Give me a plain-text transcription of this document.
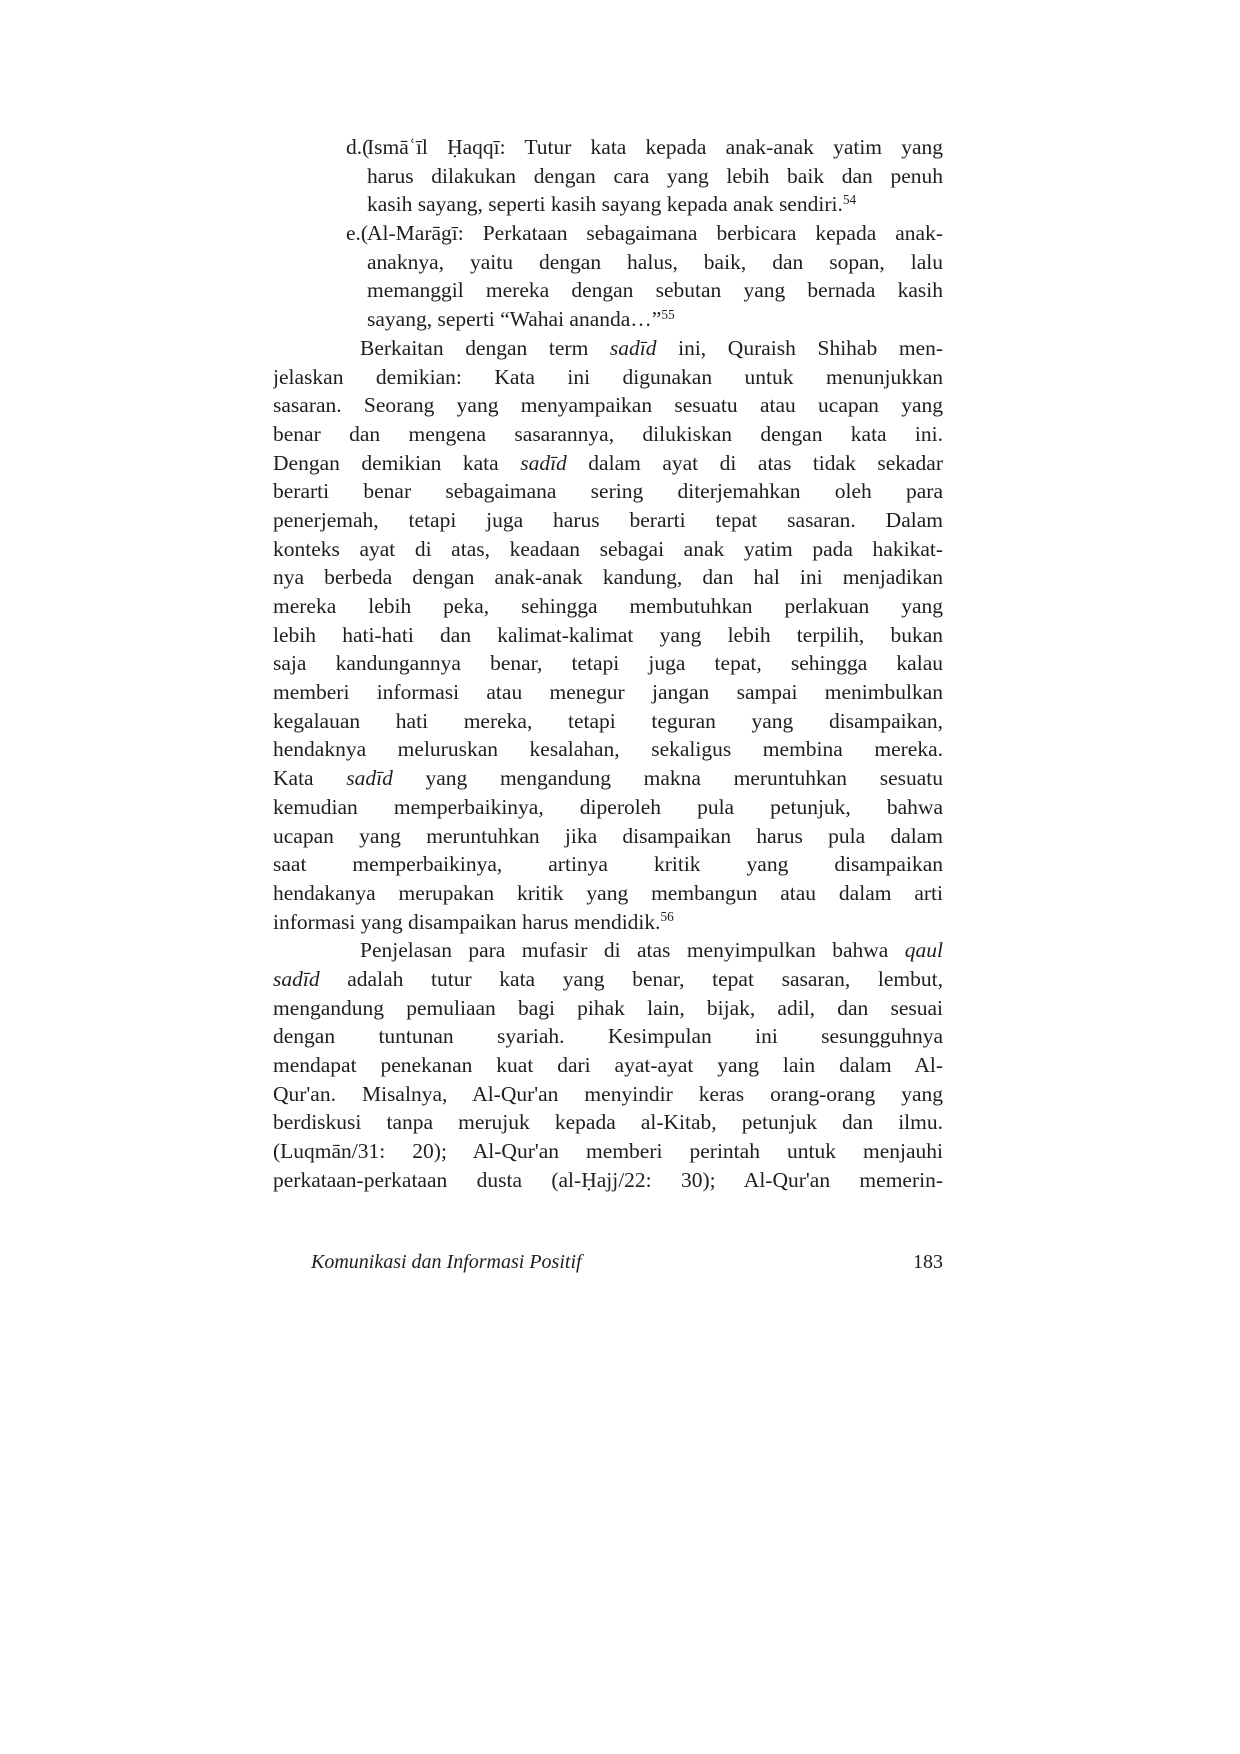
d.(
Ismāʿīl Ḥaqqī: Tutur kata kepada anak-anak yatim yang
harus dilakukan dengan cara yang lebih baik dan penuh
kasih sayang, seperti kasih sayang kepada anak sendiri.$^{54}$
e.(
Al-Marāgī: Perkataan sebagaimana berbicara kepada anak-
anaknya, yaitu dengan halus, baik, dan sopan, lalu
memanggil mereka dengan sebutan yang bernada kasih
sayang, seperti “Wahai ananda…”$^{55}$
Berkaitan dengan term sadīd ini, Quraish Shihab men-
jelaskan demikian: Kata ini digunakan untuk menunjukkan
sasaran. Seorang yang menyampaikan sesuatu atau ucapan yang
benar dan mengena sasarannya, dilukiskan dengan kata ini.
Dengan demikian kata sadīd dalam ayat di atas tidak sekadar
berarti benar sebagaimana sering diterjemahkan oleh para
penerjemah, tetapi juga harus berarti tepat sasaran. Dalam
konteks ayat di atas, keadaan sebagai anak yatim pada hakikat-
nya berbeda dengan anak-anak kandung, dan hal ini menjadikan
mereka lebih peka, sehingga membutuhkan perlakuan yang
lebih hati-hati dan kalimat-kalimat yang lebih terpilih, bukan
saja kandungannya benar, tetapi juga tepat, sehingga kalau
memberi informasi atau menegur jangan sampai menimbulkan
kegalauan hati mereka, tetapi teguran yang disampaikan,
hendaknya meluruskan kesalahan, sekaligus membina mereka.
Kata sadīd yang mengandung makna meruntuhkan sesuatu
kemudian memperbaikinya, diperoleh pula petunjuk, bahwa
ucapan yang meruntuhkan jika disampaikan harus pula dalam
saat memperbaikinya, artinya kritik yang disampaikan
hendakanya merupakan kritik yang membangun atau dalam arti
informasi yang disampaikan harus mendidik.$^{56}$
Penjelasan para mufasir di atas menyimpulkan bahwa qaul
sadīd adalah tutur kata yang benar, tepat sasaran, lembut,
mengandung pemuliaan bagi pihak lain, bijak, adil, dan sesuai
dengan tuntunan syariah. Kesimpulan ini sesungguhnya
mendapat penekanan kuat dari ayat-ayat yang lain dalam Al-
Qur'an. Misalnya, Al-Qur'an menyindir keras orang-orang yang
berdiskusi tanpa merujuk kepada al-Kitab, petunjuk dan ilmu.
(Luqmān/31: 20); Al-Qur'an memberi perintah untuk menjauhi
perkataan-perkataan dusta (al-Ḥajj/22: 30); Al-Qur'an memerin-
Komunikasi dan Informasi Positif	183
